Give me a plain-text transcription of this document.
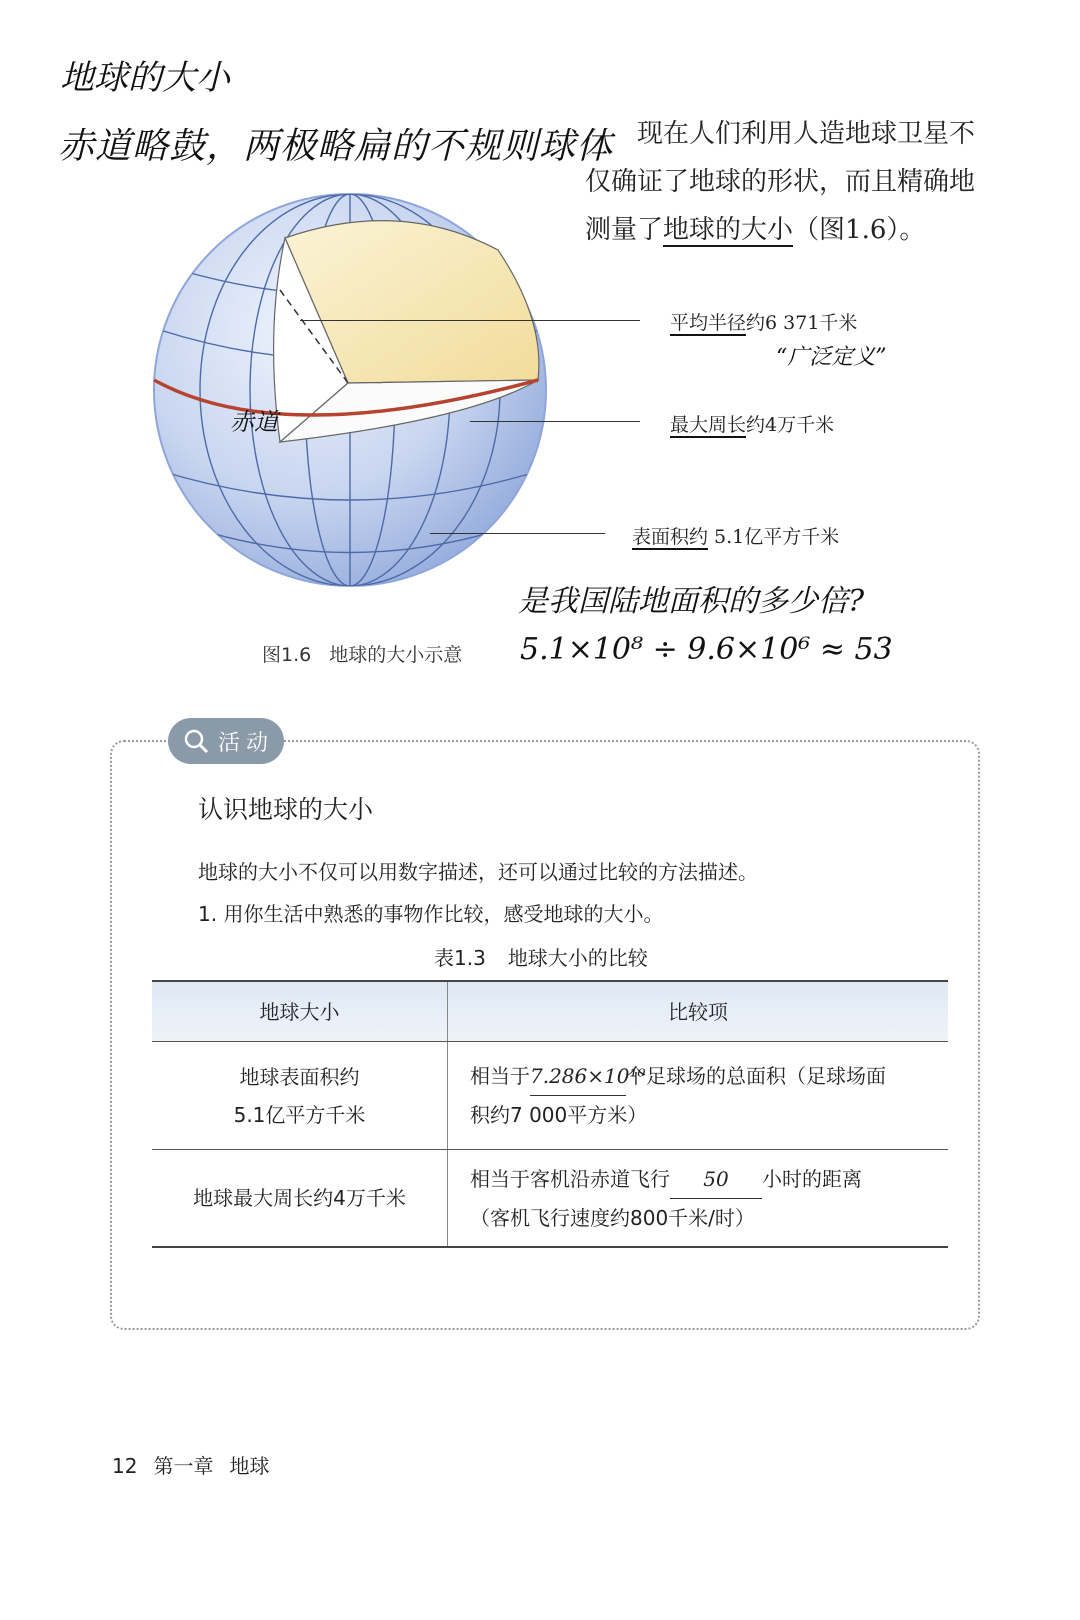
地球的大小
赤道略鼓，两极略扁的不规则球体 现在人们利用人造地球卫星不
仅确证了地球的形状，而且精确地
测量了地球的大小（图1.6）。
平均半径约6 371千米
“广泛定义”
赤道	最大周长约4万千米
表面积约 5.1亿平方千米
是我国陆地面积的多少倍?
5.1×10⁸ ÷ 9.6×10⁶ ≈ 53
图1.6 地球的大小示意
活动
认识地球的大小
地球的大小不仅可以用数字描述，还可以通过比较的方法描述。
1. 用你生活中熟悉的事物作比较，感受地球的大小。
表1.3 地球大小的比较
地球大小	比较项
地球表面积约
5.1亿平方千米
相当于7.286×10¹⁰个足球场的总面积（足球场面
积约7 000平方米）
地球最大周长约4万千米
相当于客机沿赤道飞行 50 小时的距离
（客机飞行速度约800千米/时）
12 第一章 地球
